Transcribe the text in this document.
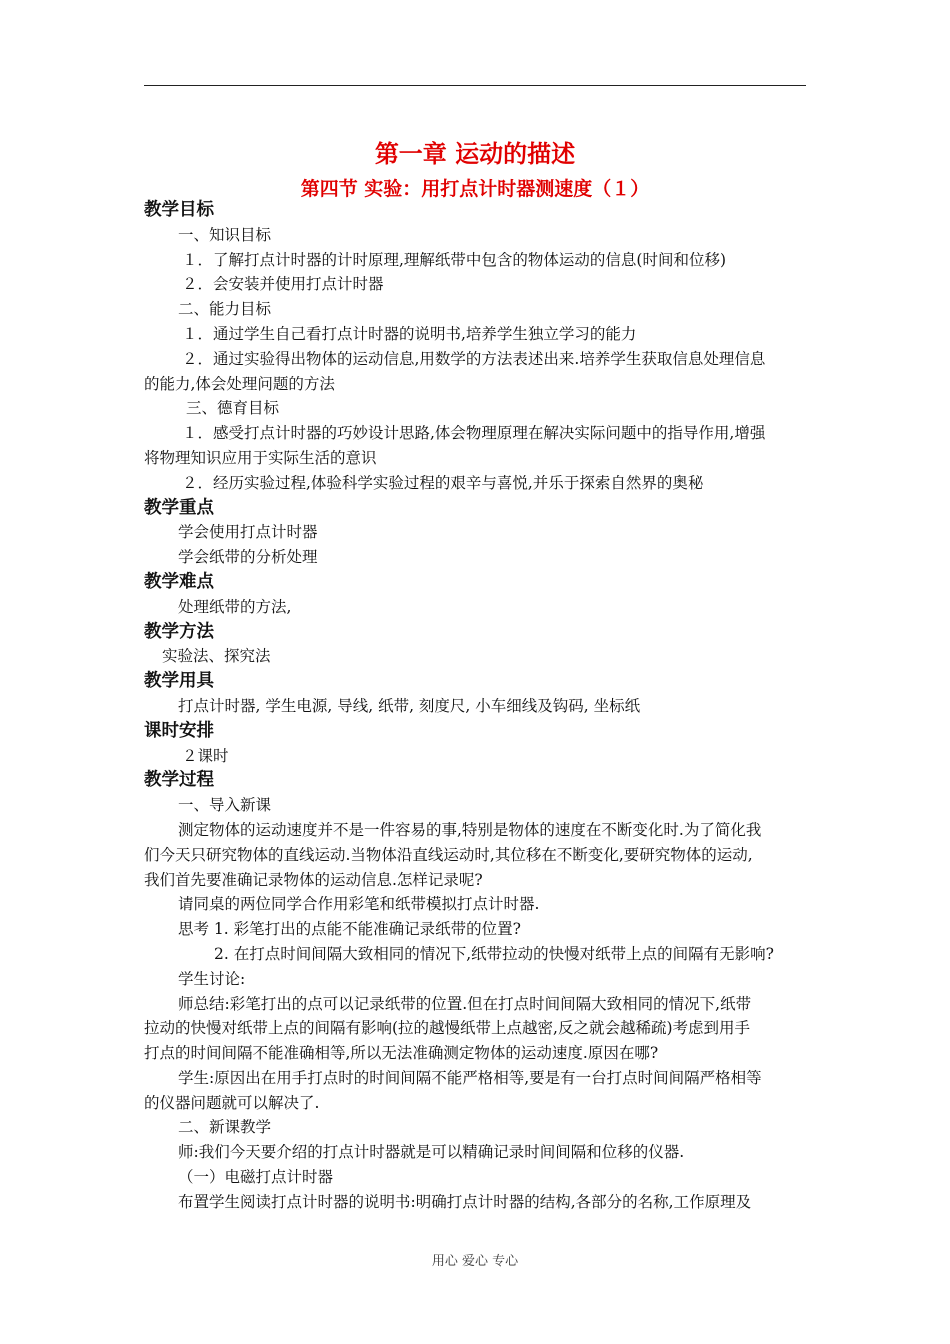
第一章 运动的描述
第四节 实验：用打点计时器测速度（１）
教学目标
一、知识目标
１．了解打点计时器的计时原理,理解纸带中包含的物体运动的信息(时间和位移)
２．会安装并使用打点计时器
二、能力目标
１．通过学生自己看打点计时器的说明书,培养学生独立学习的能力
２．通过实验得出物体的运动信息,用数学的方法表述出来.培养学生获取信息处理信息
的能力,体会处理问题的方法
三、德育目标
１．感受打点计时器的巧妙设计思路,体会物理原理在解决实际问题中的指导作用,增强
将物理知识应用于实际生活的意识
２．经历实验过程,体验科学实验过程的艰辛与喜悦,并乐于探索自然界的奥秘
教学重点
学会使用打点计时器
学会纸带的分析处理
教学难点
处理纸带的方法,
教学方法
实验法、探究法
教学用具
打点计时器, 学生电源, 导线, 纸带, 刻度尺, 小车细线及钩码, 坐标纸
课时安排
２课时
教学过程
一、导入新课
测定物体的运动速度并不是一件容易的事,特别是物体的速度在不断变化时.为了简化我
们今天只研究物体的直线运动.当物体沿直线运动时,其位移在不断变化,要研究物体的运动,
我们首先要准确记录物体的运动信息.怎样记录呢?
请同桌的两位同学合作用彩笔和纸带模拟打点计时器.
思考 1. 彩笔打出的点能不能准确记录纸带的位置?
2. 在打点时间间隔大致相同的情况下,纸带拉动的快慢对纸带上点的间隔有无影响?
学生讨论:
师总结:彩笔打出的点可以记录纸带的位置.但在打点时间间隔大致相同的情况下,纸带
拉动的快慢对纸带上点的间隔有影响(拉的越慢纸带上点越密,反之就会越稀疏)考虑到用手
打点的时间间隔不能准确相等,所以无法准确测定物体的运动速度.原因在哪?
学生:原因出在用手打点时的时间间隔不能严格相等,要是有一台打点时间间隔严格相等
的仪器问题就可以解决了.
二、新课教学
师:我们今天要介绍的打点计时器就是可以精确记录时间间隔和位移的仪器.
（一）电磁打点计时器
布置学生阅读打点计时器的说明书:明确打点计时器的结构,各部分的名称,工作原理及
用心 爱心 专心
